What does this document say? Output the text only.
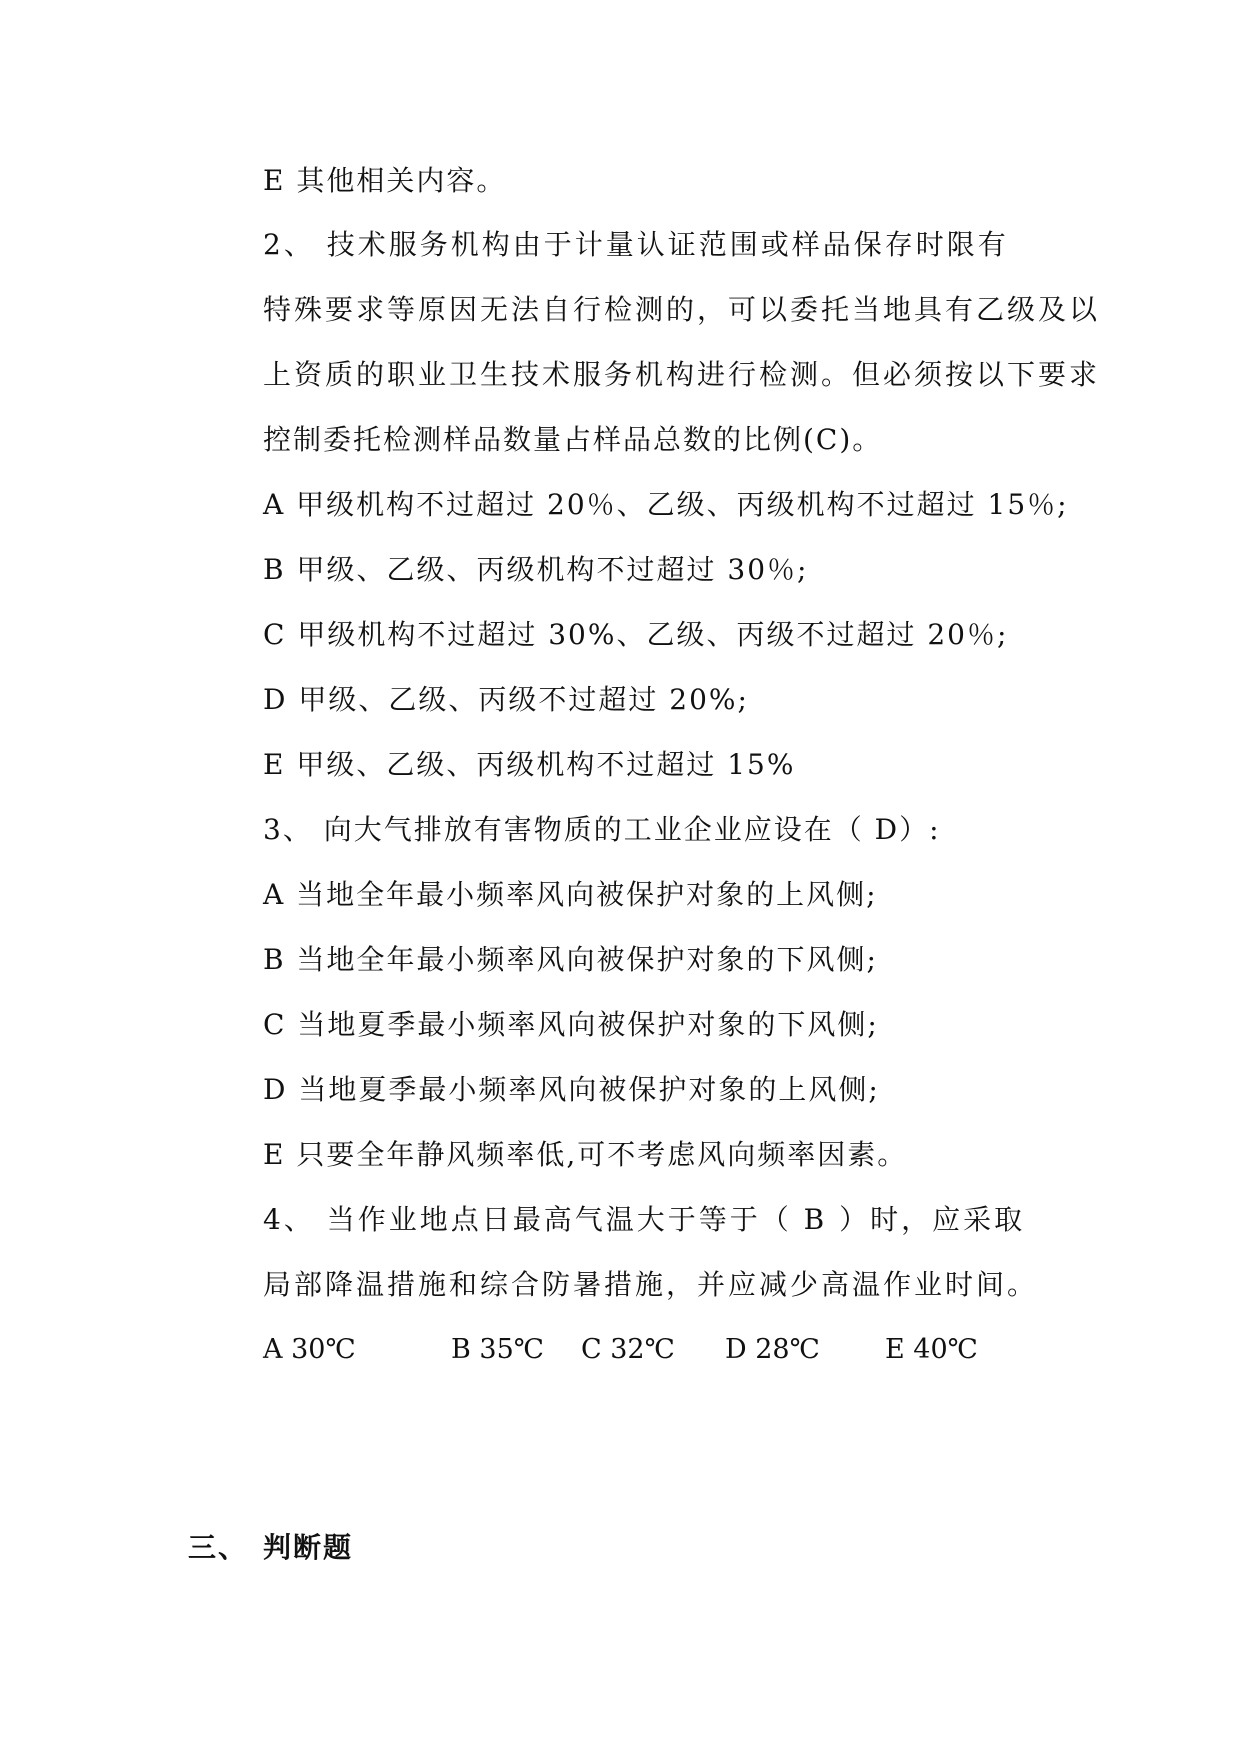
E 其他相关内容。
2、 技术服务机构由于计量认证范围或样品保存时限有
特殊要求等原因无法自行检测的，可以委托当地具有乙级及以
上资质的职业卫生技术服务机构进行检测。但必须按以下要求
控制委托检测样品数量占样品总数的比例(C)。
A 甲级机构不过超过 20％、乙级、丙级机构不过超过 15％;
B 甲级、乙级、丙级机构不过超过 30％;
C 甲级机构不过超过 30%、乙级、丙级不过超过 20％;
D 甲级、乙级、丙级不过超过 20%;
E 甲级、乙级、丙级机构不过超过 15%
3、 向大气排放有害物质的工业企业应设在（ D）:
A 当地全年最小频率风向被保护对象的上风侧;
B 当地全年最小频率风向被保护对象的下风侧;
C 当地夏季最小频率风向被保护对象的下风侧;
D 当地夏季最小频率风向被保护对象的上风侧;
E 只要全年静风频率低,可不考虑风向频率因素。
4、 当作业地点日最高气温大于等于（ B ）时，应采取
局部降温措施和综合防暑措施，并应减少高温作业时间。
A 30℃	B 35℃ C 32℃ D 28℃ E 40℃
三、 判断题
